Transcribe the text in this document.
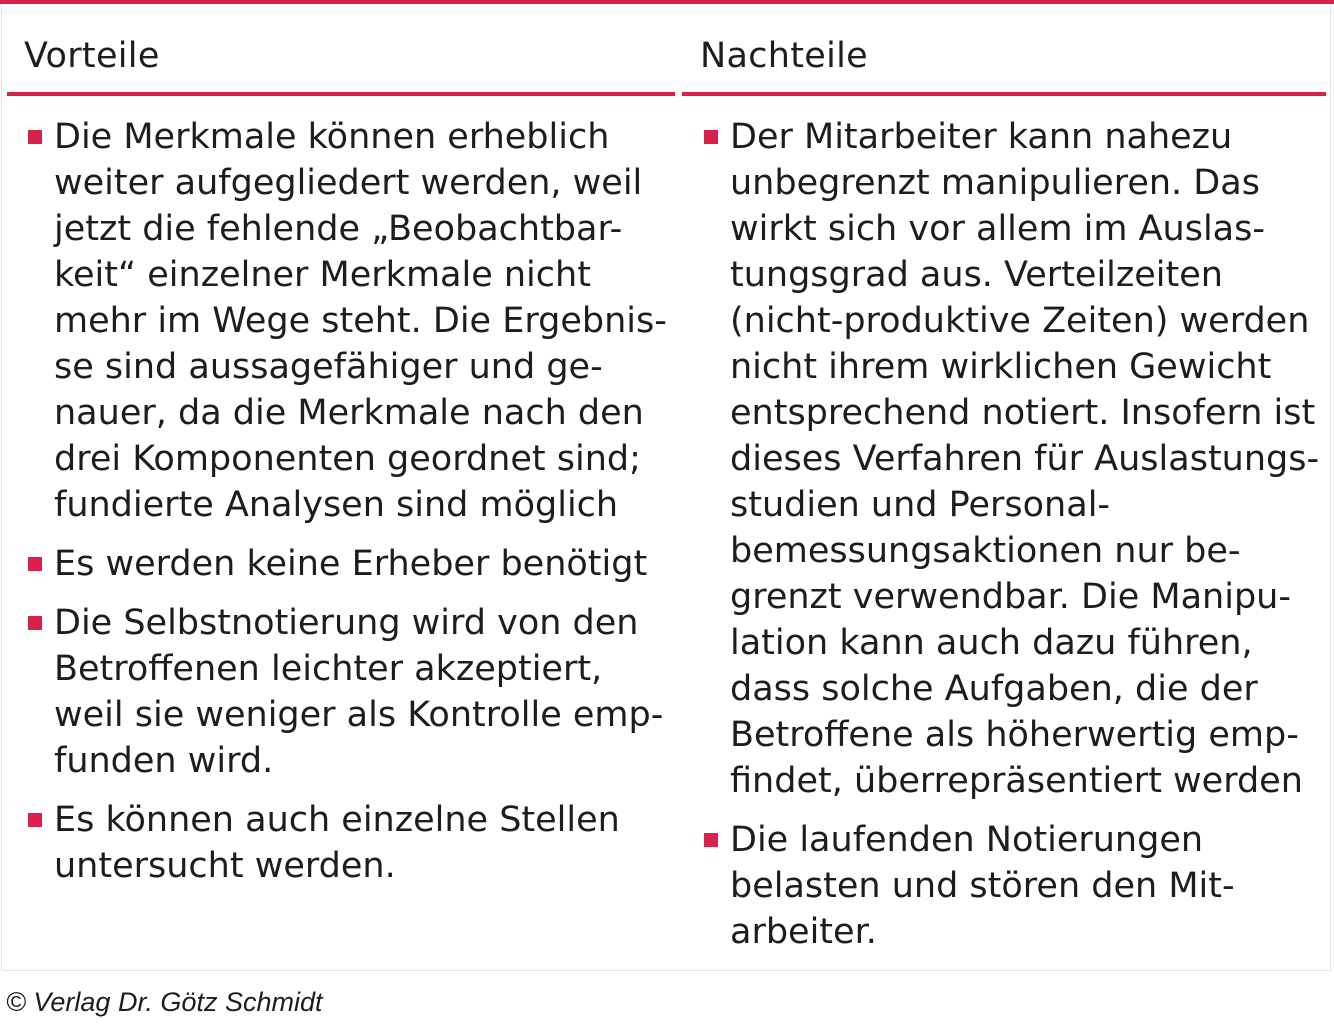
Vorteile	Nachteile
Die Merkmale können erheblich
weiter aufgegliedert werden, weil
jetzt die fehlende „Beobachtbar-
keit“ einzelner Merkmale nicht
mehr im Wege steht. Die Ergebnis-
se sind aussagefähiger und ge-
nauer, da die Merkmale nach den
drei Komponenten geordnet sind;
fundierte Analysen sind möglich
Es werden keine Erheber benötigt
Die Selbstnotierung wird von den
Betroffenen leichter akzeptiert,
weil sie weniger als Kontrolle emp-
funden wird.
Es können auch einzelne Stellen
untersucht werden.
Der Mitarbeiter kann nahezu
unbegrenzt manipulieren. Das
wirkt sich vor allem im Auslas-
tungsgrad aus. Verteilzeiten
(nicht-produktive Zeiten) werden
nicht ihrem wirklichen Gewicht
entsprechend notiert. Insofern ist
dieses Verfahren für Auslastungs-
studien und Personal-
bemessungsaktionen nur be-
grenzt verwendbar. Die Manipu-
lation kann auch dazu führen,
dass solche Aufgaben, die der
Betroffene als höherwertig emp-
findet, überrepräsentiert werden
Die laufenden Notierungen
belasten und stören den Mit-
arbeiter.
© Verlag Dr. Götz Schmidt
